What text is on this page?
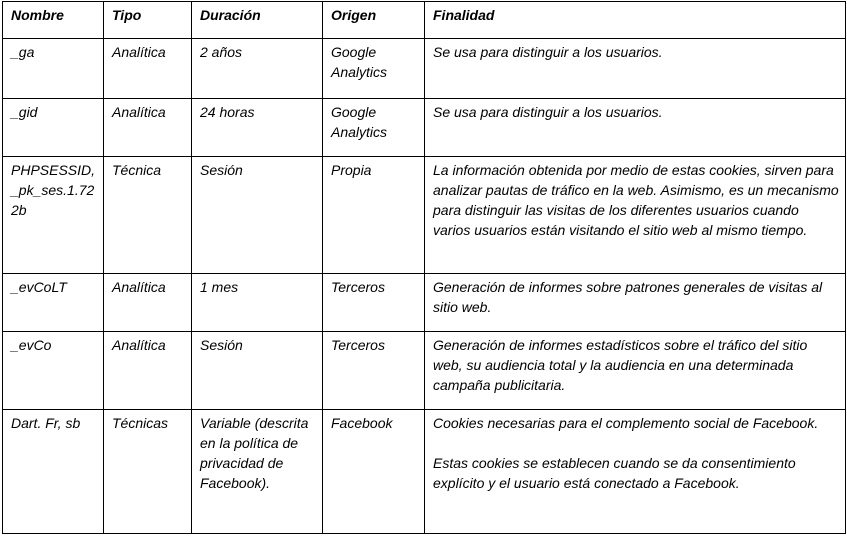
Nombre	Tipo	Duración	Origen	Finalidad
_ga	Analítica	2 años	Google Analytics	Se usa para distinguir a los usuarios.

_gid	Analítica	24 horas	Google Analytics	Se usa para distinguir a los usuarios.

PHPSESSID, _pk_ses.1.722b	Técnica	Sesión	Propia	La información obtenida por medio de estas cookies, sirven para analizar pautas de tráfico en la web. Asimismo, es un mecanismo para distinguir las visitas de los diferentes usuarios cuando varios usuarios están visitando el sitio web al mismo tiempo.

_evCoLT	Analítica	1 mes	Terceros	Generación de informes sobre patrones generales de visitas al sitio web.

_evCo	Analítica	Sesión	Terceros	Generación de informes estadísticos sobre el tráfico del sitio web, su audiencia total y la audiencia en una determinada campaña publicitaria.

Dart. Fr, sb	Técnicas	Variable (descrita en la política de privacidad de Facebook).	Facebook	Cookies necesarias para el complemento social de Facebook.
Estas cookies se establecen cuando se da consentimiento explícito y el usuario está conectado a Facebook.
